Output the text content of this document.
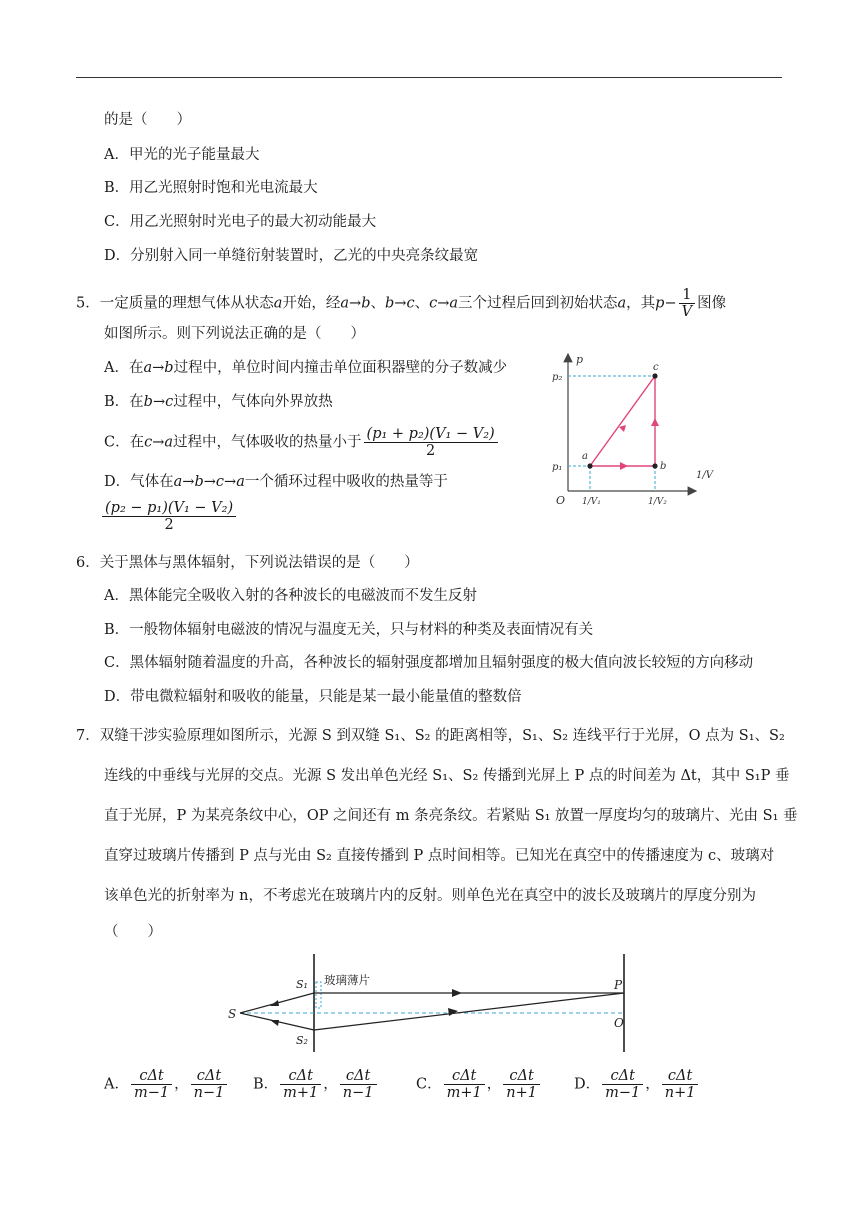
的是（　　）
A．甲光的光子能量最大
B．用乙光照射时饱和光电流最大
C．用乙光照射时光电子的最大初动能最大
D．分别射入同一单缝衍射装置时，乙光的中央亮条纹最宽
5．一定质量的理想气体从状态a开始，经a→b、b→c、c→a三个过程后回到初始状态a，其$p- \frac{1}{V}$ 图像
如图所示。则下列说法正确的是（　　）
A．在a→b过程中，单位时间内撞击单位面积器壁的分子数减少
B．在b→c过程中，气体向外界放热
C．在c→a过程中，气体吸收的热量小于 $\frac{\text{(p₁ + p₂)(V₁ − V₂)}}{2}$
D．气体在a→b→c→a一个循环过程中吸收的热量等于
$\frac{\text{(p₂ − p₁)(V₁ − V₂)}}{2}$
p
1/V
O
p₂
p₁
1/V₁	1/V₂
a
b
c
6．关于黑体与黑体辐射，下列说法错误的是（　　）
A．黑体能完全吸收入射的各种波长的电磁波而不发生反射
B．一般物体辐射电磁波的情况与温度无关，只与材料的种类及表面情况有关
C．黑体辐射随着温度的升高，各种波长的辐射强度都增加且辐射强度的极大值向波长较短的方向移动
D．带电微粒辐射和吸收的能量，只能是某一最小能量值的整数倍
7．双缝干涉实验原理如图所示，光源 S 到双缝 S₁、S₂ 的距离相等，S₁、S₂ 连线平行于光屏，O 点为 S₁、S₂
连线的中垂线与光屏的交点。光源 S 发出单色光经 S₁、S₂ 传播到光屏上 P 点的时间差为 Δt，其中 S₁P 垂
直于光屏，P 为某亮条纹中心，OP 之间还有 m 条亮条纹。若紧贴 S₁ 放置一厚度均匀的玻璃片、光由 S₁ 垂
直穿过玻璃片传播到 P 点与光由 S₂ 直接传播到 P 点时间相等。已知光在真空中的传播速度为 c、玻璃对
该单色光的折射率为 n，不考虑光在玻璃片内的反射。则单色光在真空中的波长及玻璃片的厚度分别为
（　　）
S
S₁
S₂
P
O
玻璃薄片
A． $\frac{\text{cΔt}}{m-1}$ ， $\frac{\text{cΔt}}{n-1}$ B． $\frac{\text{cΔt}}{m+1}$ ， $\frac{\text{cΔt}}{n-1}$	C． $\frac{\text{cΔt}}{m+1}$ ， $\frac{\text{cΔt}}{n+1}$ D． $\frac{\text{cΔt}}{m-1}$ ， $\frac{\text{cΔt}}{n+1}$
